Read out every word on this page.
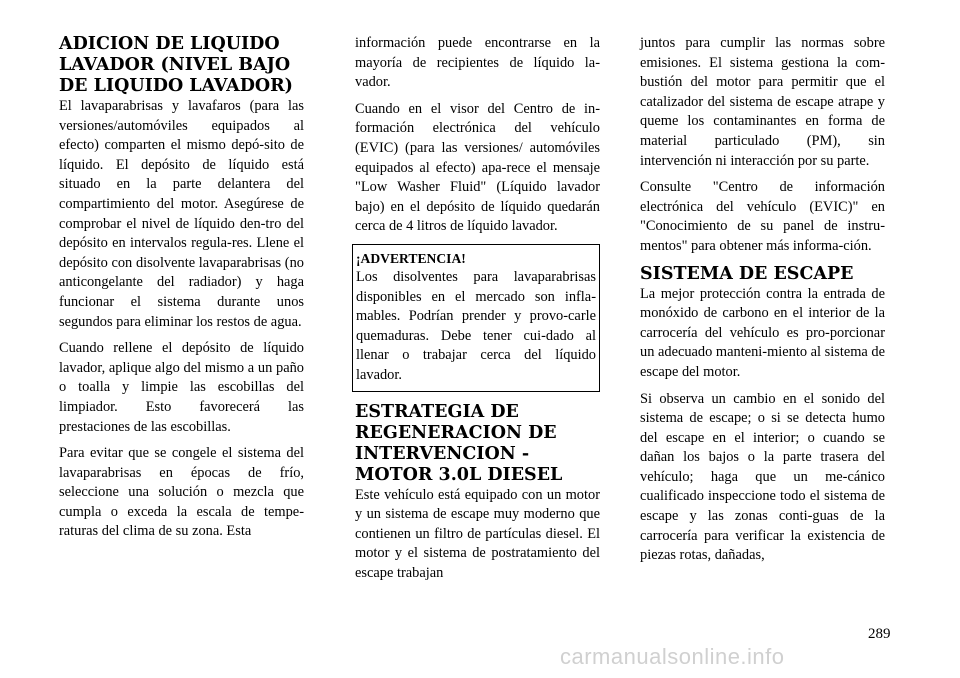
ADICION DE LIQUIDO LAVADOR (NIVEL BAJO DE LIQUIDO LAVADOR)

El lavaparabrisas y lavafaros (para las versiones/automóviles equipados al efecto) comparten el mismo depó-sito de líquido. El depósito de líquido está situado en la parte delantera del compartimiento del motor. Asegúrese de comprobar el nivel de líquido den-tro del depósito en intervalos regula-res. Llene el depósito con disolvente lavaparabrisas (no anticongelante del radiador) y haga funcionar el sistema durante unos segundos para eliminar los restos de agua.

Cuando rellene el depósito de líquido lavador, aplique algo del mismo a un paño o toalla y limpie las escobillas del limpiador. Esto favorecerá las prestaciones de las escobillas.

Para evitar que se congele el sistema del lavaparabrisas en épocas de frío, seleccione una solución o mezcla que cumpla o exceda la escala de tempe-raturas del clima de su zona. Esta

información puede encontrarse en la mayoría de recipientes de líquido la-vador.

Cuando en el visor del Centro de in-formación electrónica del vehículo (EVIC) (para las versiones/ automóviles equipados al efecto) apa-rece el mensaje "Low Washer Fluid" (Líquido lavador bajo) en el depósito de líquido quedarán cerca de 4 litros de líquido lavador.

¡ADVERTENCIA!

Los disolventes para lavaparabrisas disponibles en el mercado son infla-mables. Podrían prender y provo-carle quemaduras. Debe tener cui-dado al llenar o trabajar cerca del líquido lavador.

ESTRATEGIA DE REGENERACION DE INTERVENCION - MOTOR 3.0L DIESEL

Este vehículo está equipado con un motor y un sistema de escape muy moderno que contienen un filtro de partículas diesel. El motor y el sistema de postratamiento del escape trabajan

juntos para cumplir las normas sobre emisiones. El sistema gestiona la com-bustión del motor para permitir que el catalizador del sistema de escape atrape y queme los contaminantes en forma de material particulado (PM), sin intervención ni interacción por su parte.

Consulte "Centro de información electrónica del vehículo (EVIC)" en "Conocimiento de su panel de instru-mentos" para obtener más informa-ción.

SISTEMA DE ESCAPE

La mejor protección contra la entrada de monóxido de carbono en el interior de la carrocería del vehículo es pro-porcionar un adecuado manteni-miento al sistema de escape del motor.

Si observa un cambio en el sonido del sistema de escape; o si se detecta humo del escape en el interior; o cuando se dañan los bajos o la parte trasera del vehículo; haga que un me-cánico cualificado inspeccione todo el sistema de escape y las zonas conti-guas de la carrocería para verificar la existencia de piezas rotas, dañadas,

289
carmanualsonline.info
